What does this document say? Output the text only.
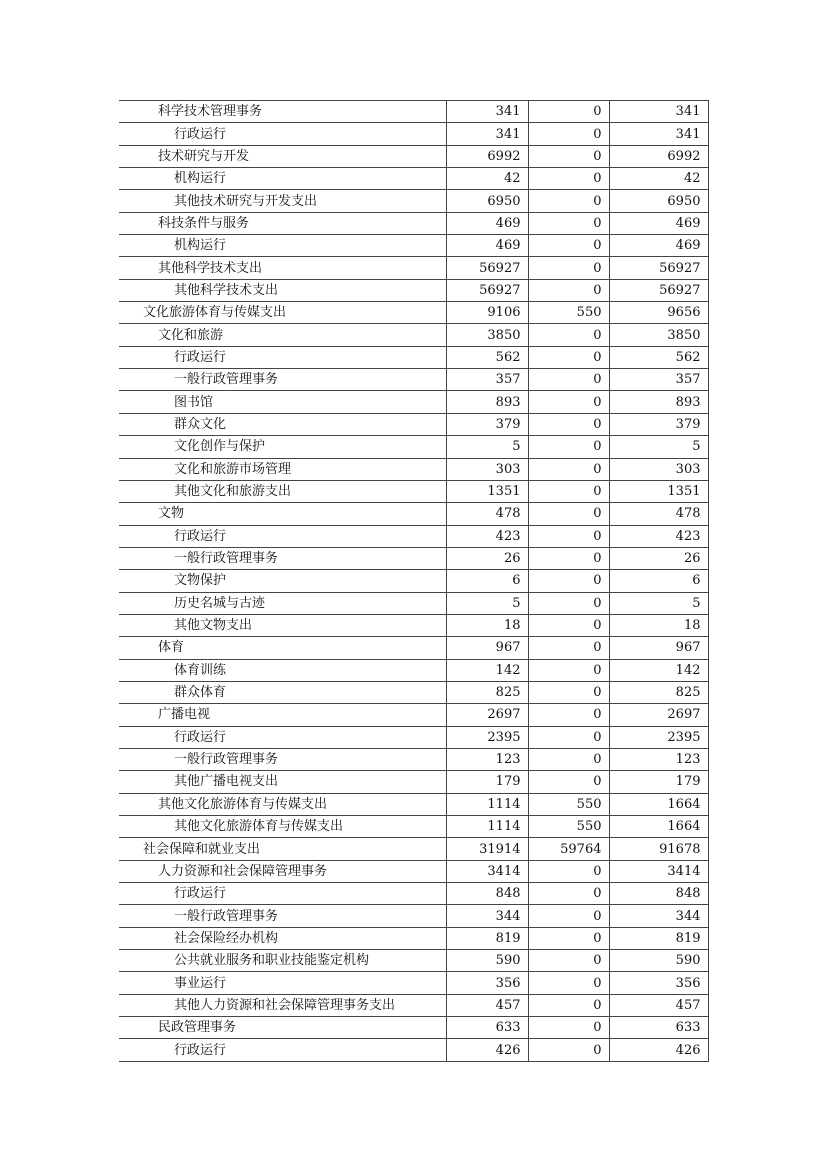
科学技术管理事务	341	0	341
行政运行	341	0	341
技术研究与开发	6992	0	6992
机构运行	42	0	42
其他技术研究与开发支出	6950	0	6950
科技条件与服务	469	0	469
机构运行	469	0	469
其他科学技术支出	56927	0	56927
其他科学技术支出	56927	0	56927
文化旅游体育与传媒支出	9106	550	9656
文化和旅游	3850	0	3850
行政运行	562	0	562
一般行政管理事务	357	0	357
图书馆	893	0	893
群众文化	379	0	379
文化创作与保护	5	0	5
文化和旅游市场管理	303	0	303
其他文化和旅游支出	1351	0	1351
文物	478	0	478
行政运行	423	0	423
一般行政管理事务	26	0	26
文物保护	6	0	6
历史名城与古迹	5	0	5
其他文物支出	18	0	18
体育	967	0	967
体育训练	142	0	142
群众体育	825	0	825
广播电视	2697	0	2697
行政运行	2395	0	2395
一般行政管理事务	123	0	123
其他广播电视支出	179	0	179
其他文化旅游体育与传媒支出	1114	550	1664
其他文化旅游体育与传媒支出	1114	550	1664
社会保障和就业支出	31914	59764	91678
人力资源和社会保障管理事务	3414	0	3414
行政运行	848	0	848
一般行政管理事务	344	0	344
社会保险经办机构	819	0	819
公共就业服务和职业技能鉴定机构	590	0	590
事业运行	356	0	356
其他人力资源和社会保障管理事务支出	457	0	457
民政管理事务	633	0	633
行政运行	426	0	426
